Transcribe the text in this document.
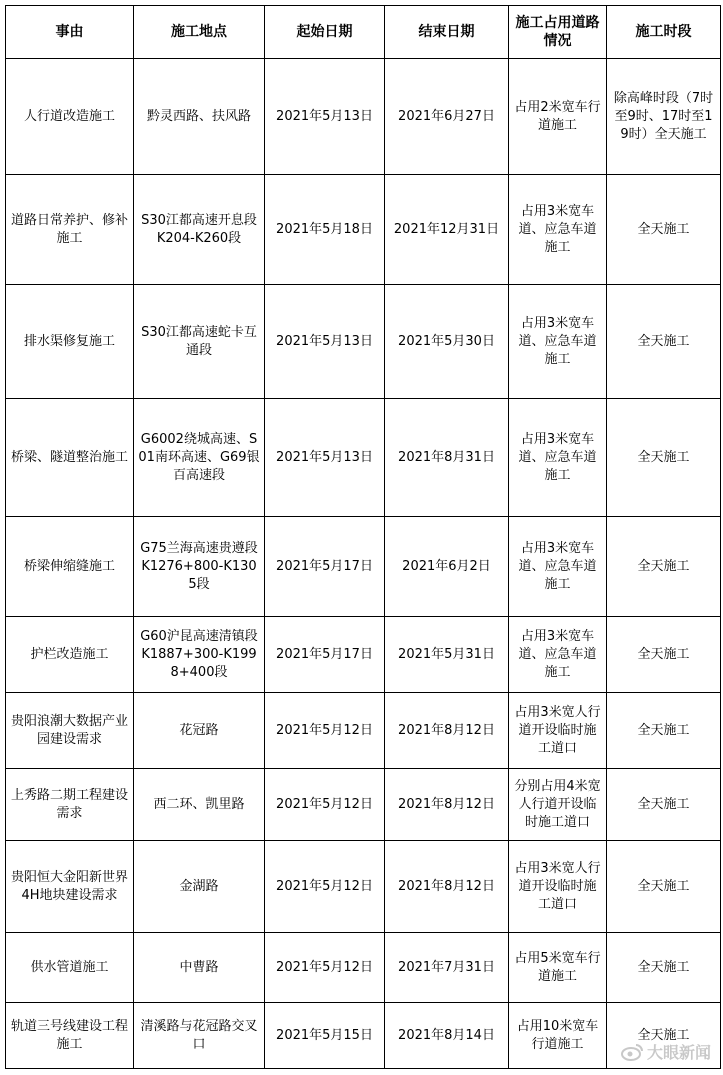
事由	施工地点	起始日期	结束日期	施工占用道路情况	施工时段
人行道改造施工	黔灵西路、扶风路	2021年5月13日	2021年6月27日	占用2米宽车行道施工	除高峰时段（7时至9时、17时至19时）全天施工
道路日常养护、修补施工	S30江都高速开息段K204-K260段	2021年5月18日	2021年12月31日	占用3米宽车道、应急车道施工	全天施工
排水渠修复施工	S30江都高速蛇卡互通段	2021年5月13日	2021年5月30日	占用3米宽车道、应急车道施工	全天施工
桥梁、隧道整治施工	G6002绕城高速、S01南环高速、G69银百高速段	2021年5月13日	2021年8月31日	占用3米宽车道、应急车道施工	全天施工
桥梁伸缩缝施工	G75兰海高速贵遵段K1276+800-K1305段	2021年5月17日	2021年6月2日	占用3米宽车道、应急车道施工	全天施工
护栏改造施工	G60沪昆高速清镇段K1887+300-K1998+400段	2021年5月17日	2021年5月31日	占用3米宽车道、应急车道施工	全天施工
贵阳浪潮大数据产业园建设需求	花冠路	2021年5月12日	2021年8月12日	占用3米宽人行道开设临时施工道口	全天施工
上秀路二期工程建设需求	西二环、凯里路	2021年5月12日	2021年8月12日	分别占用4米宽人行道开设临时施工道口	全天施工
贵阳恒大金阳新世界4H地块建设需求	金湖路	2021年5月12日	2021年8月12日	占用3米宽人行道开设临时施工道口	全天施工
供水管道施工	中曹路	2021年5月12日	2021年7月31日	占用5米宽车行道施工	全天施工
轨道三号线建设工程施工	清溪路与花冠路交叉口	2021年5月15日	2021年8月14日	占用10米宽车行道施工	全天施工
大眼新闻
